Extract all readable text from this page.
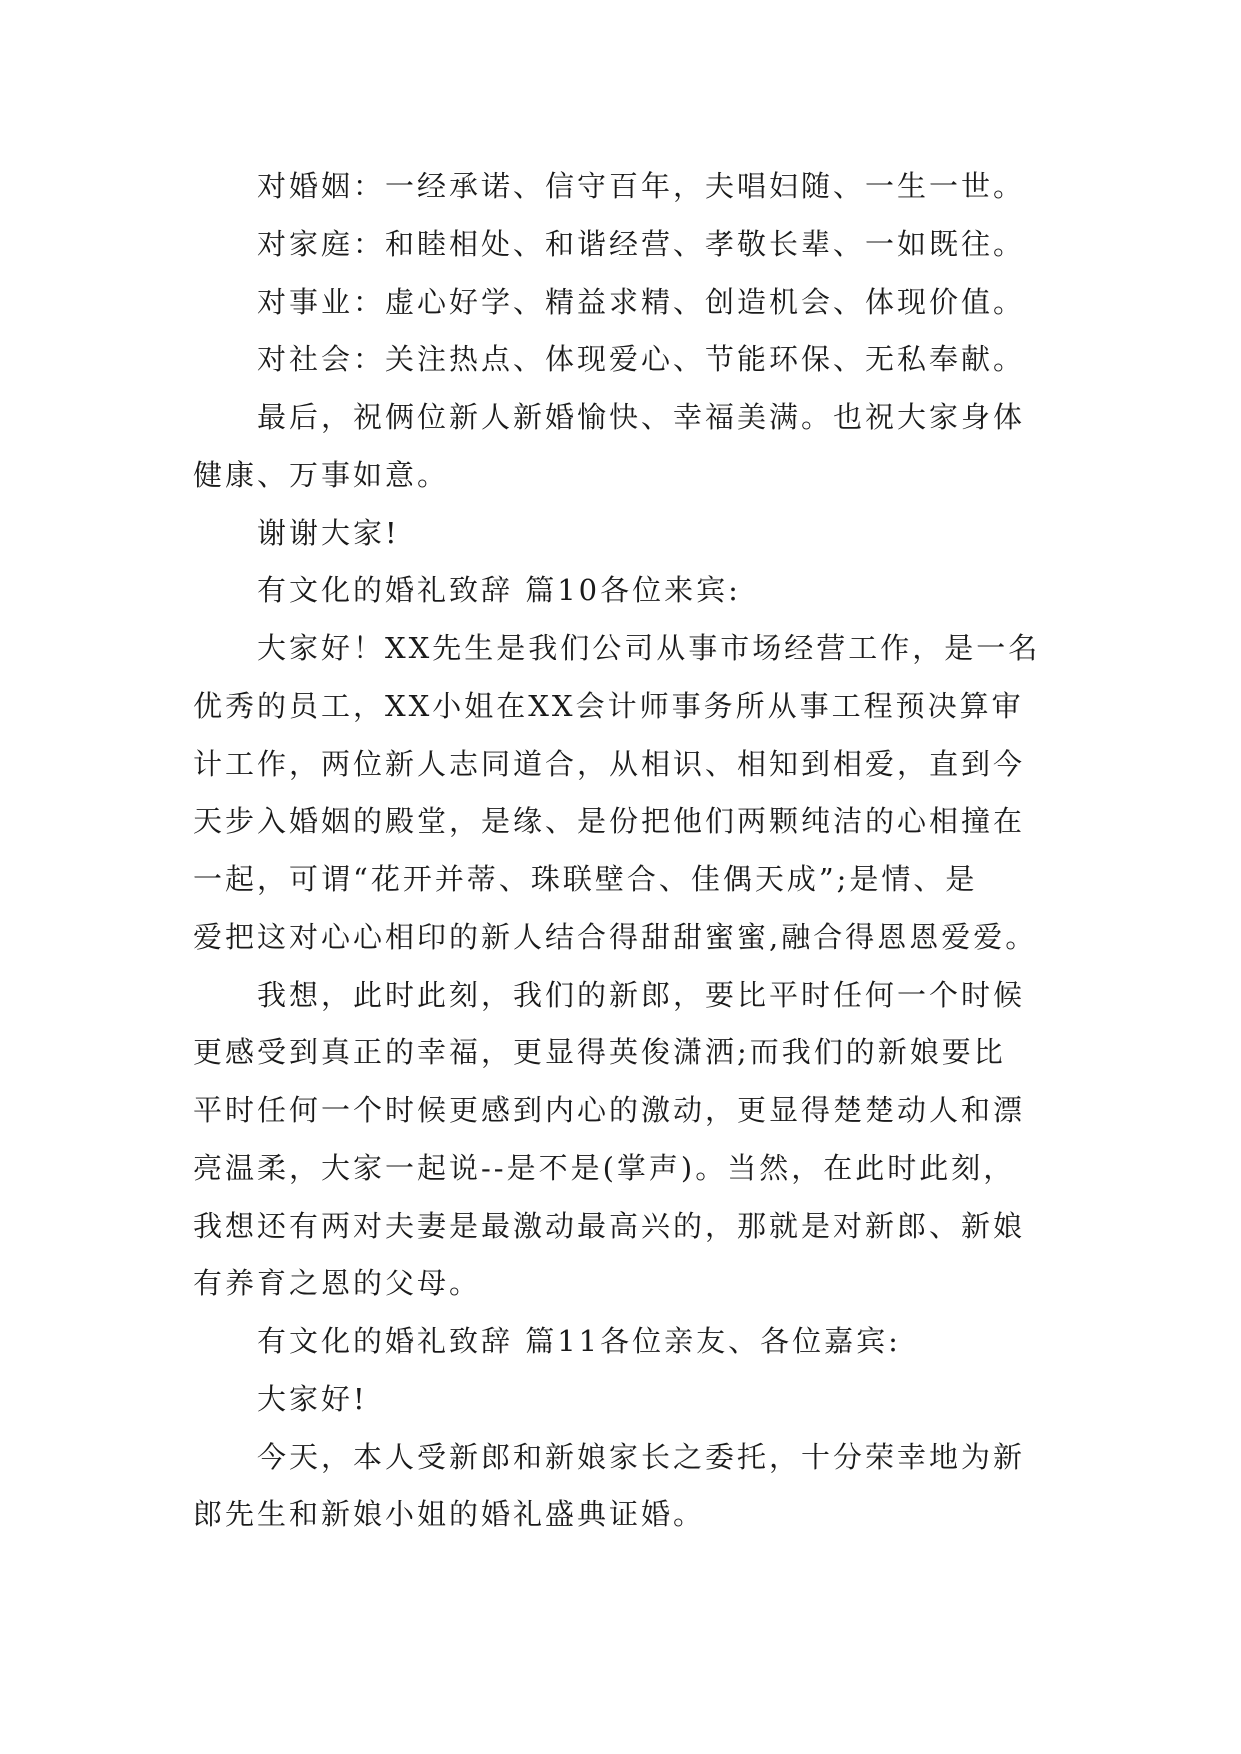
对婚姻：一经承诺、信守百年，夫唱妇随、一生一世。
对家庭：和睦相处、和谐经营、孝敬长辈、一如既往。
对事业：虚心好学、精益求精、创造机会、体现价值。
对社会：关注热点、体现爱心、节能环保、无私奉献。
最后，祝俩位新人新婚愉快、幸福美满。也祝大家身体
健康、万事如意。
谢谢大家!
有文化的婚礼致辞 篇10各位来宾:
大家好！XX先生是我们公司从事市场经营工作，是一名
优秀的员工，XX小姐在XX会计师事务所从事工程预决算审
计工作，两位新人志同道合，从相识、相知到相爱，直到今
天步入婚姻的殿堂，是缘、是份把他们两颗纯洁的心相撞在
一起，可谓“花开并蒂、珠联壁合、佳偶天成”;是情、是
爱把这对心心相印的新人结合得甜甜蜜蜜,融合得恩恩爱爱。
我想，此时此刻，我们的新郎，要比平时任何一个时候
更感受到真正的幸福，更显得英俊潇洒;而我们的新娘要比
平时任何一个时候更感到内心的激动，更显得楚楚动人和漂
亮温柔，大家一起说--是不是(掌声)。当然，在此时此刻，
我想还有两对夫妻是最激动最高兴的，那就是对新郎、新娘
有养育之恩的父母。
有文化的婚礼致辞 篇11各位亲友、各位嘉宾:
大家好!
今天，本人受新郎和新娘家长之委托，十分荣幸地为新
郎先生和新娘小姐的婚礼盛典证婚。
